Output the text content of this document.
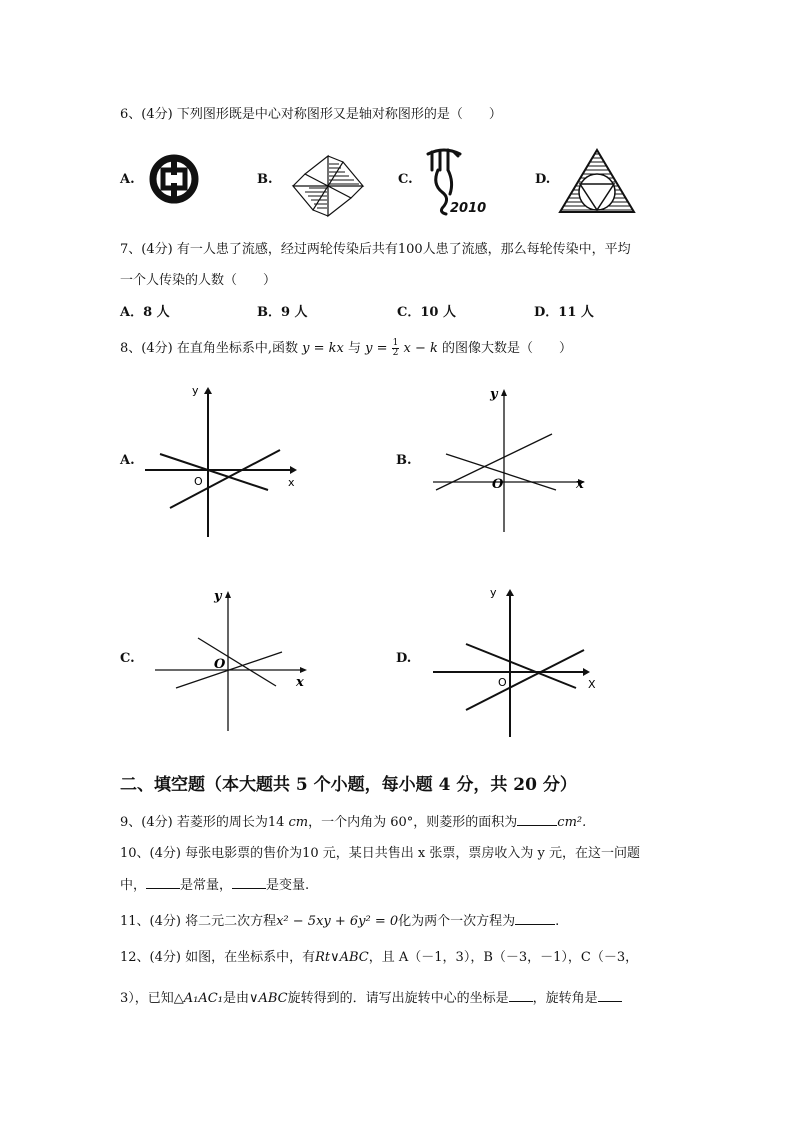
6、(4分) 下列图形既是中心对称图形又是轴对称图形的是（　　）
A.	B.	C.
2010
D.
7、(4分) 有一人患了流感，经过两轮传染后共有100人患了流感，那么每轮传染中，平均
一个人传染的人数（　　）
A．8 人	B．9 人	C．10 人	D．11 人
8、(4分) 在直角坐标系中,函数 y = kx 与 $y = \frac{1}{2}$ x − k 的图像大数是（　　）
A.
y
x
O
B.
y
x
O
C.
y
x
O	D.
y
X
O
二、填空题（本大题共 5 个小题，每小题 4 分，共 20 分）
9、(4分) 若菱形的周长为14 cm，一个内角为 60°，则菱形的面积为	cm².
10、(4分) 每张电影票的售价为10 元，某日共售出 x 张票，票房收入为 y 元，在这一问题
中，	是常量，	是变量.
11、(4分) 将二元二次方程x² − 5xy + 6y² = 0化为两个一次方程为	.
12、(4分) 如图，在坐标系中，有Rt∨ABC，且 A（－1，3），B（－3，－1），C（－3，
3），已知△A₁AC₁是由∨ABC旋转得到的．请写出旋转中心的坐标是 ，旋转角是
